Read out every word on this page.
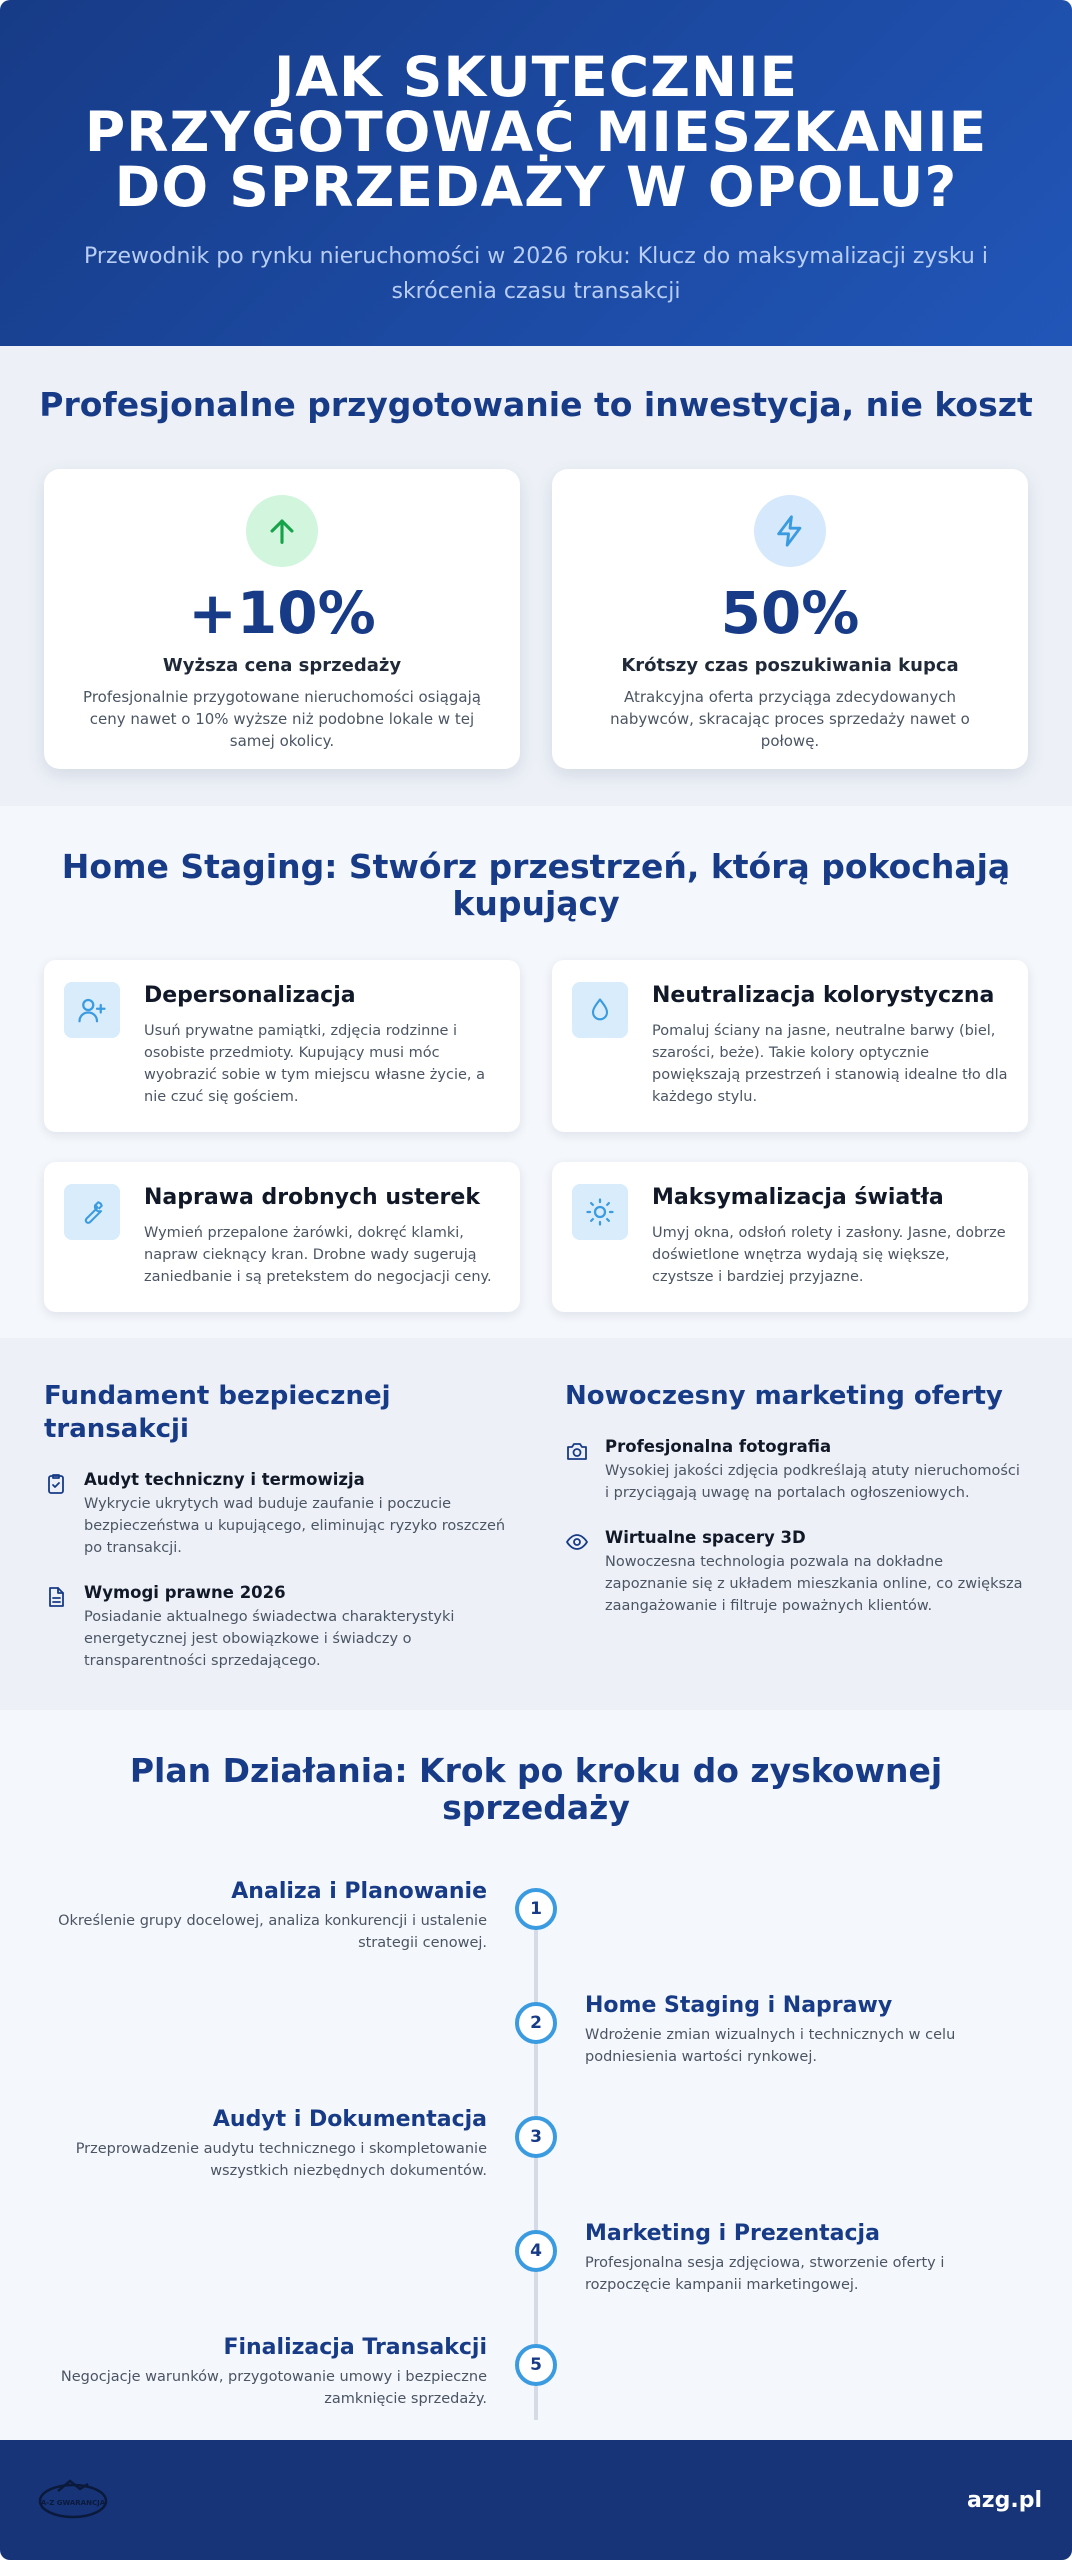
JAK SKUTECZNIE PRZYGOTOWAĆ MIESZKANIE DO SPRZEDAŻY W OPOLU?

Przewodnik po rynku nieruchomości w 2026 roku: Klucz do maksymalizacji zysku i skrócenia czasu transakcji

Profesjonalne przygotowanie to inwestycja, nie koszt
+10%
Wyższa cena sprzedaży
Profesjonalnie przygotowane nieruchomości osiągają ceny nawet o 10% wyższe niż podobne lokale w tej samej okolicy.
50%
Krótszy czas poszukiwania kupca
Atrakcyjna oferta przyciąga zdecydowanych nabywców, skracając proces sprzedaży nawet o połowę.
Home Staging: Stwórz przestrzeń, którą pokochają kupujący
Depersonalizacja
Usuń prywatne pamiątki, zdjęcia rodzinne i osobiste przedmioty. Kupujący musi móc wyobrazić sobie w tym miejscu własne życie, a nie czuć się gościem.
Neutralizacja kolorystyczna
Pomaluj ściany na jasne, neutralne barwy (biel, szarości, beże). Takie kolory optycznie powiększają przestrzeń i stanowią idealne tło dla każdego stylu.
Naprawa drobnych usterek
Wymień przepalone żarówki, dokręć klamki, napraw cieknący kran. Drobne wady sugerują zaniedbanie i są pretekstem do negocjacji ceny.
Maksymalizacja światła
Umyj okna, odsłoń rolety i zasłony. Jasne, dobrze doświetlone wnętrza wydają się większe, czystsze i bardziej przyjazne.
Fundament bezpiecznej transakcji
Audyt techniczny i termowizja
Wykrycie ukrytych wad buduje zaufanie i poczucie bezpieczeństwa u kupującego, eliminując ryzyko roszczeń po transakcji.
Wymogi prawne 2026
Posiadanie aktualnego świadectwa charakterystyki energetycznej jest obowiązkowe i świadczy o transparentności sprzedającego.
Nowoczesny marketing oferty
Profesjonalna fotografia
Wysokiej jakości zdjęcia podkreślają atuty nieruchomości i przyciągają uwagę na portalach ogłoszeniowych.
Wirtualne spacery 3D
Nowoczesna technologia pozwala na dokładne zapoznanie się z układem mieszkania online, co zwiększa zaangażowanie i filtruje poważnych klientów.
Plan Działania: Krok po kroku do zyskownej sprzedaży
Analiza i Planowanie
Określenie grupy docelowej, analiza konkurencji i ustalenie strategii cenowej.
1
2
Home Staging i Naprawy
Wdrożenie zmian wizualnych i technicznych w celu podniesienia wartości rynkowej.
Audyt i Dokumentacja
Przeprowadzenie audytu technicznego i skompletowanie wszystkich niezbędnych dokumentów.
3
4
Marketing i Prezentacja
Profesjonalna sesja zdjęciowa, stworzenie oferty i rozpoczęcie kampanii marketingowej.
Finalizacja Transakcji
Negocjacje warunków, przygotowanie umowy i bezpieczne zamknięcie sprzedaży.
5
A-Z GWARANCJA	azg.pl
